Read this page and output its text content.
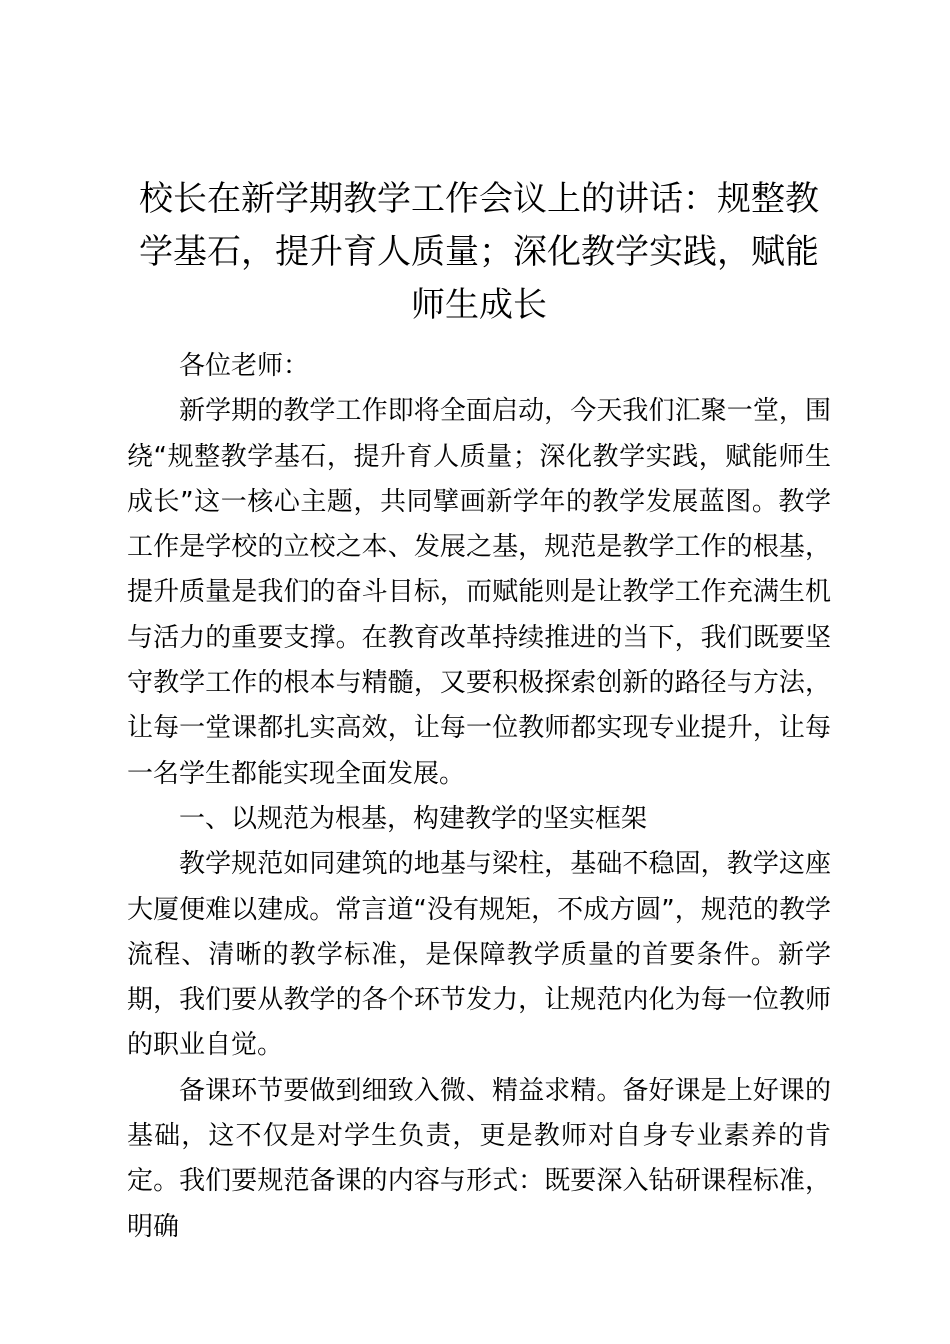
校长在新学期教学工作会议上的讲话：规整教学基石，提升育人质量；深化教学实践，赋能师生成长

各位老师：

新学期的教学工作即将全面启动，今天我们汇聚一堂，围绕“规整教学基石，提升育人质量；深化教学实践，赋能师生成长”这一核心主题，共同擘画新学年的教学发展蓝图。教学工作是学校的立校之本、发展之基，规范是教学工作的根基，提升质量是我们的奋斗目标，而赋能则是让教学工作充满生机与活力的重要支撑。在教育改革持续推进的当下，我们既要坚守教学工作的根本与精髓，又要积极探索创新的路径与方法，让每一堂课都扎实高效，让每一位教师都实现专业提升，让每一名学生都能实现全面发展。

一、以规范为根基，构建教学的坚实框架

教学规范如同建筑的地基与梁柱，基础不稳固，教学这座大厦便难以建成。常言道“没有规矩，不成方圆”，规范的教学流程、清晰的教学标准，是保障教学质量的首要条件。新学期，我们要从教学的各个环节发力，让规范内化为每一位教师的职业自觉。

备课环节要做到细致入微、精益求精。备好课是上好课的基础，这不仅是对学生负责，更是教师对自身专业素养的肯定。我们要规范备课的内容与形式：既要深入钻研课程标准，明确
